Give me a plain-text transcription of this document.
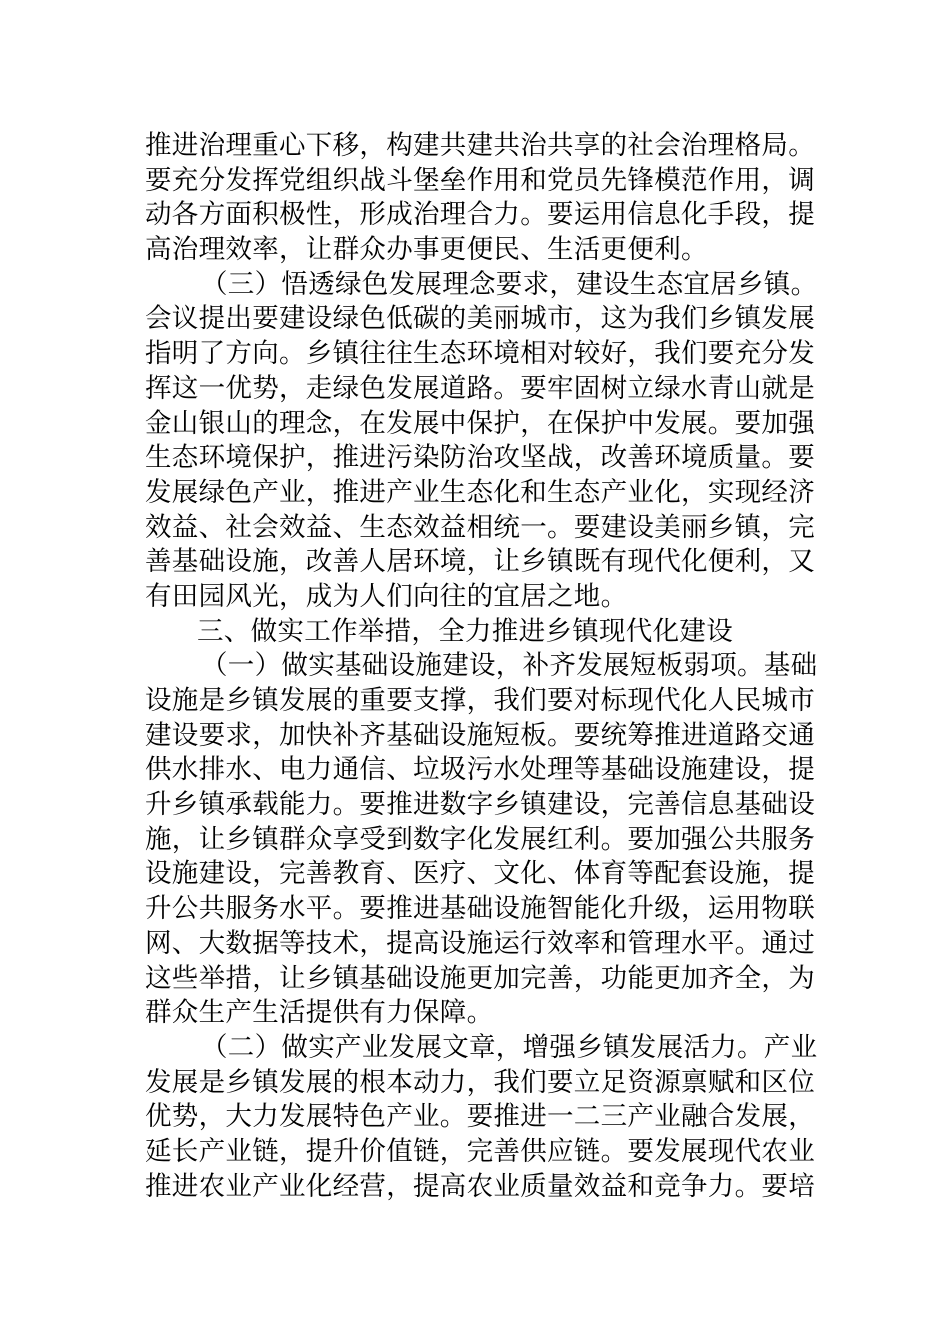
推进治理重心下移，构建共建共治共享的社会治理格局。
要充分发挥党组织战斗堡垒作用和党员先锋模范作用，调
动各方面积极性，形成治理合力。要运用信息化手段，提
高治理效率，让群众办事更便民、生活更便利。
（三）悟透绿色发展理念要求，建设生态宜居乡镇。
会议提出要建设绿色低碳的美丽城市，这为我们乡镇发展
指明了方向。乡镇往往生态环境相对较好，我们要充分发
挥这一优势，走绿色发展道路。要牢固树立绿水青山就是
金山银山的理念，在发展中保护，在保护中发展。要加强
生态环境保护，推进污染防治攻坚战，改善环境质量。要
发展绿色产业，推进产业生态化和生态产业化，实现经济
效益、社会效益、生态效益相统一。要建设美丽乡镇，完
善基础设施，改善人居环境，让乡镇既有现代化便利，又
有田园风光，成为人们向往的宜居之地。
三、做实工作举措，全力推进乡镇现代化建设
（一）做实基础设施建设，补齐发展短板弱项。基础
设施是乡镇发展的重要支撑，我们要对标现代化人民城市
建设要求，加快补齐基础设施短板。要统筹推进道路交通
供水排水、电力通信、垃圾污水处理等基础设施建设，提
升乡镇承载能力。要推进数字乡镇建设，完善信息基础设
施，让乡镇群众享受到数字化发展红利。要加强公共服务
设施建设，完善教育、医疗、文化、体育等配套设施，提
升公共服务水平。要推进基础设施智能化升级，运用物联
网、大数据等技术，提高设施运行效率和管理水平。通过
这些举措，让乡镇基础设施更加完善，功能更加齐全，为
群众生产生活提供有力保障。
（二）做实产业发展文章，增强乡镇发展活力。产业
发展是乡镇发展的根本动力，我们要立足资源禀赋和区位
优势，大力发展特色产业。要推进一二三产业融合发展，
延长产业链，提升价值链，完善供应链。要发展现代农业
推进农业产业化经营，提高农业质量效益和竞争力。要培
